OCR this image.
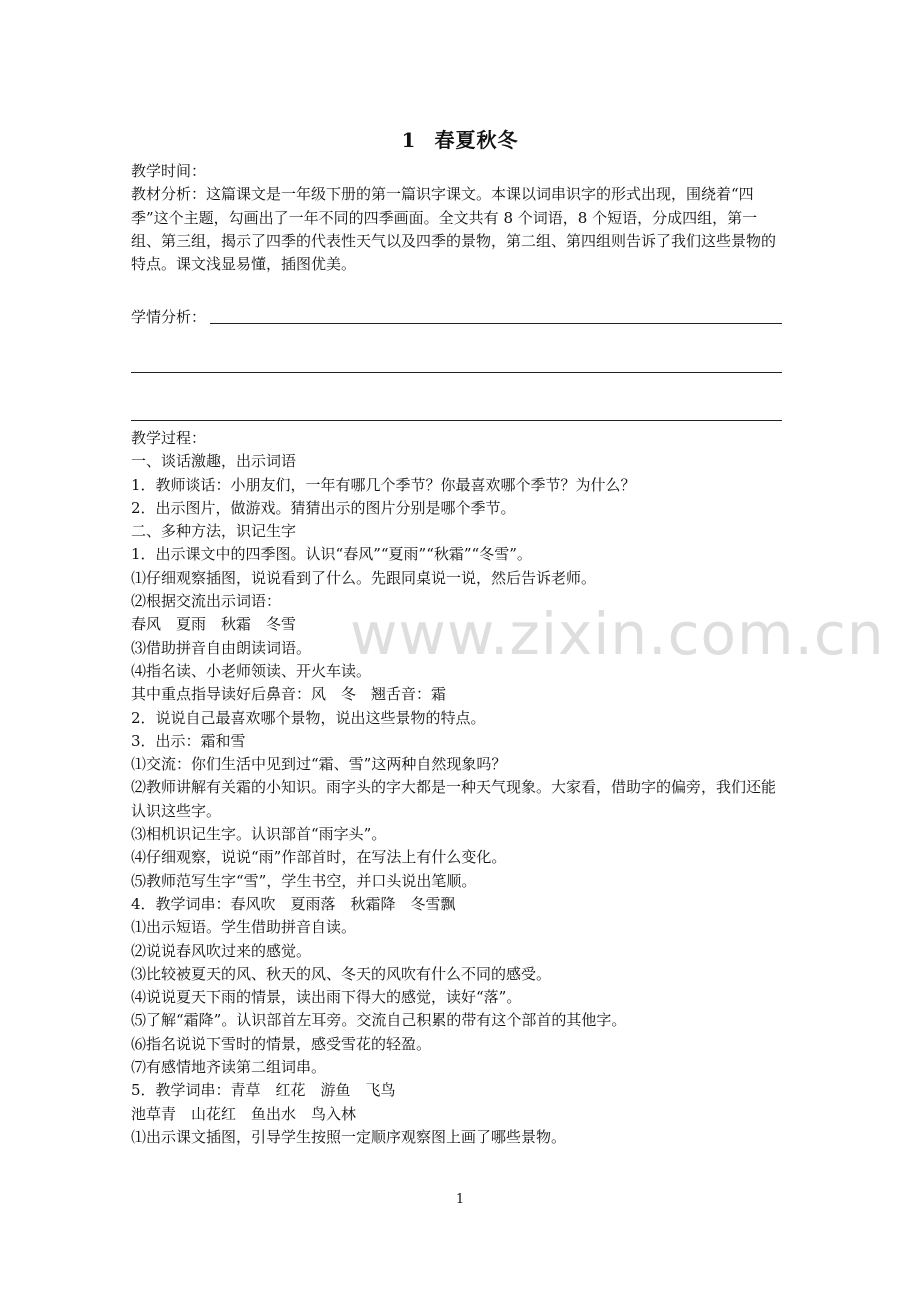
1 春夏秋冬

教学时间：

教材分析：这篇课文是一年级下册的第一篇识字课文。本课以词串识字的形式出现，围绕着“四季”这个主题，勾画出了一年不同的四季画面。全文共有 8 个词语，8 个短语，分成四组，第一组、第三组，揭示了四季的代表性天气以及四季的景物，第二组、第四组则告诉了我们这些景物的特点。课文浅显易懂，插图优美。

学情分析：

教学过程：

一、谈话激趣，出示词语

1．教师谈话：小朋友们，一年有哪几个季节？你最喜欢哪个季节？为什么？

2．出示图片，做游戏。猜猜出示的图片分别是哪个季节。

二、多种方法，识记生字

1．出示课文中的四季图。认识“春风”“夏雨”“秋霜”“冬雪”。

⑴仔细观察插图，说说看到了什么。先跟同桌说一说，然后告诉老师。

⑵根据交流出示词语：

春风　夏雨　秋霜　冬雪

⑶借助拼音自由朗读词语。

⑷指名读、小老师领读、开火车读。

其中重点指导读好后鼻音：风　冬　翘舌音：霜

2．说说自己最喜欢哪个景物，说出这些景物的特点。

3．出示：霜和雪

⑴交流：你们生活中见到过“霜、雪”这两种自然现象吗？

⑵教师讲解有关霜的小知识。雨字头的字大都是一种天气现象。大家看，借助字的偏旁，我们还能认识这些字。

⑶相机识记生字。认识部首“雨字头”。

⑷仔细观察，说说“雨”作部首时，在写法上有什么变化。

⑸教师范写生字“雪”，学生书空，并口头说出笔顺。

4．教学词串：春风吹　夏雨落　秋霜降　冬雪飘

⑴出示短语。学生借助拼音自读。

⑵说说春风吹过来的感觉。

⑶比较被夏天的风、秋天的风、冬天的风吹有什么不同的感受。

⑷说说夏天下雨的情景，读出雨下得大的感觉，读好“落”。

⑸了解“霜降”。认识部首左耳旁。交流自己积累的带有这个部首的其他字。

⑹指名说说下雪时的情景，感受雪花的轻盈。

⑺有感情地齐读第二组词串。

5．教学词串：青草　红花　游鱼　飞鸟

池草青　山花红　鱼出水　鸟入林

⑴出示课文插图，引导学生按照一定顺序观察图上画了哪些景物。

www.zixin.com.cn
1
